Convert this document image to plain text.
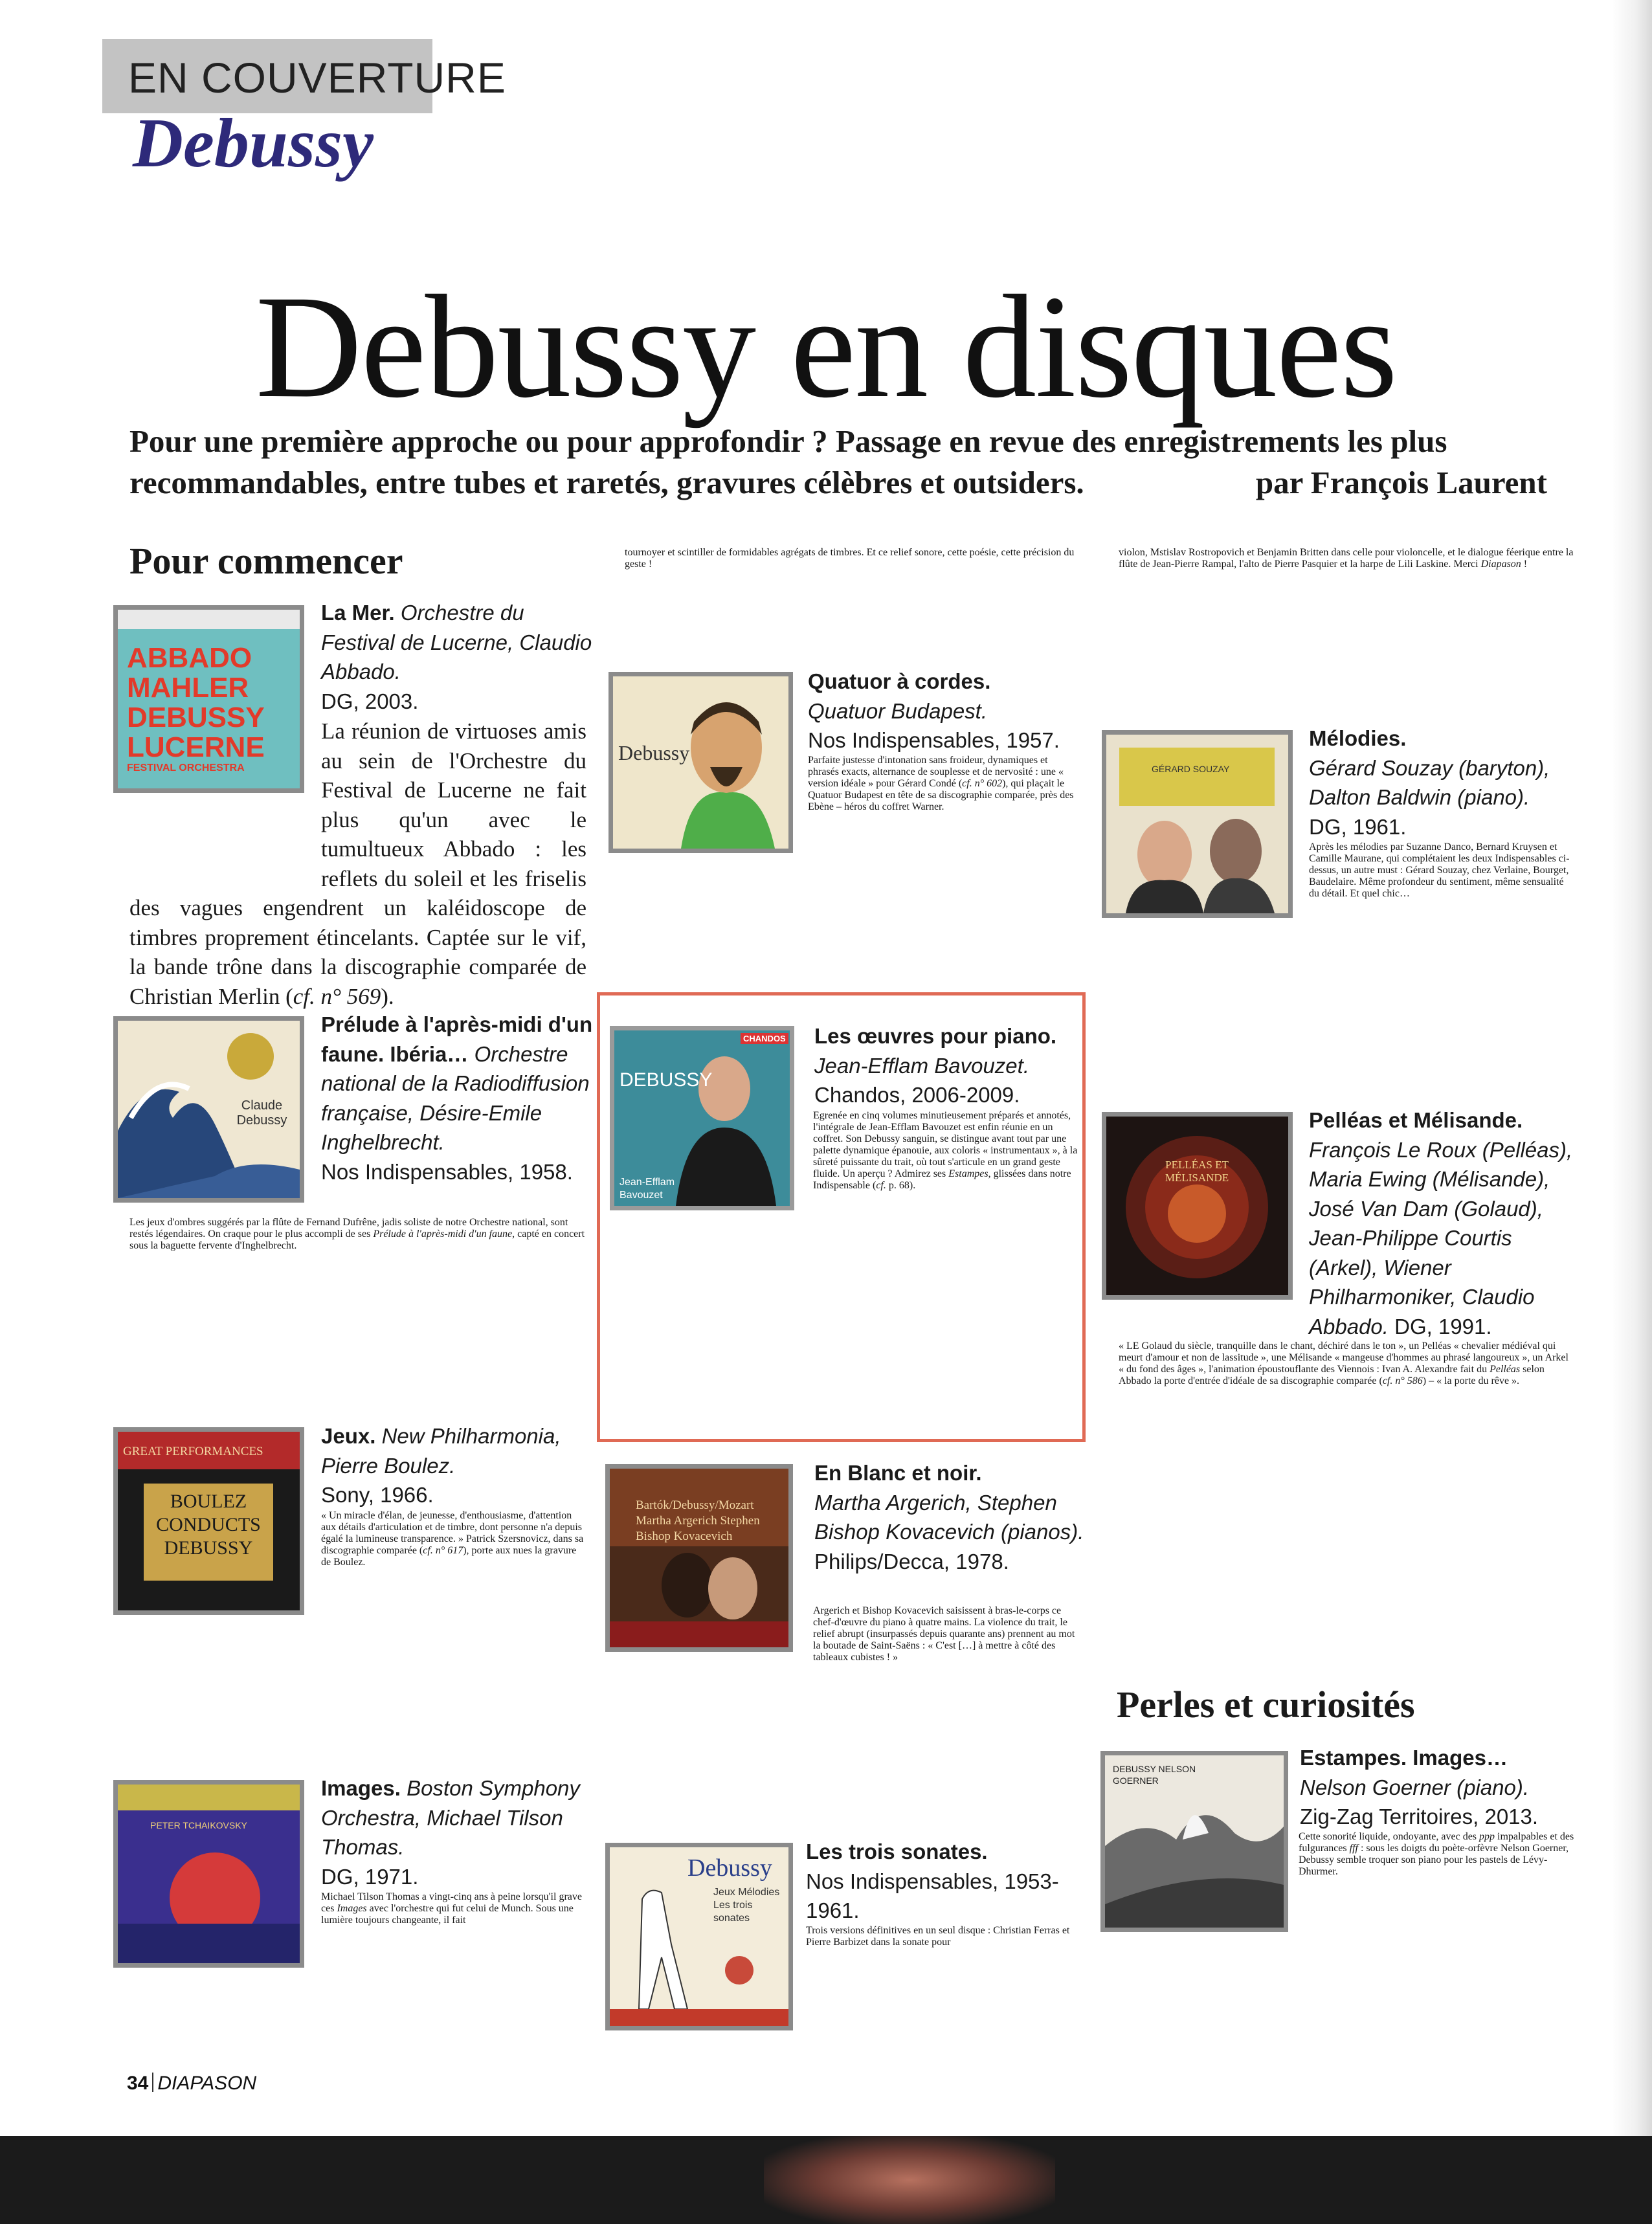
EN COUVERTURE
Debussy
Debussy en disques
Pour une première approche ou pour approfondir ? Passage en revue des enregistrements les plus
recommandables, entre tubes et raretés, gravures célèbres et outsiders.	par François Laurent
Pour commencer
ABBADO MAHLER DEBUSSY LUCERNE
FESTIVAL ORCHESTRA
La Mer. Orchestre du Festival de Lucerne, Claudio Abbado.
DG, 2003.
La réunion de virtuoses amis au sein de l'Orchestre du Festival de Lucerne ne fait plus qu'un avec le tumultueux Abbado : les reflets du soleil et les friselis des vagues engendrent un kaléidoscope de timbres proprement étincelants. Captée sur le vif, la bande trône dans la discographie comparée de Christian Merlin (cf. n° 569).
Claude Debussy
Prélude à l'après-midi d'un faune. Ibéria… Orchestre national de la Radiodiffusion française, Désire-Emile Inghelbrecht.
Nos Indispensables, 1958.
Les jeux d'ombres suggérés par la flûte de Fernand Dufrêne, jadis soliste de notre Orchestre national, sont restés légendaires. On craque pour le plus accompli de ses Prélude à l'après-midi d'un faune, capté en concert sous la baguette fervente d'Inghelbrecht.
GREAT PERFORMANCES
BOULEZ CONDUCTS DEBUSSY
Jeux. New Philharmonia, Pierre Boulez.
Sony, 1966.
« Un miracle d'élan, de jeunesse, d'enthousiasme, d'attention aux détails d'articulation et de timbre, dont personne n'a depuis égalé la lumineuse transparence. » Patrick Szersnovicz, dans sa discographie comparée (cf. n° 617), porte aux nues la gravure de Boulez.
PETER TCHAIKOVSKY
Images. Boston Symphony Orchestra, Michael Tilson Thomas.
DG, 1971.
Michael Tilson Thomas a vingt-cinq ans à peine lorsqu'il grave ces Images avec l'orchestre qui fut celui de Munch. Sous une lumière toujours changeante, il fait
tournoyer et scintiller de formidables agrégats de timbres. Et ce relief sonore, cette poésie, cette précision du geste !
Debussy
Quatuor à cordes.
Quatuor Budapest.
Nos Indispensables, 1957.
Parfaite justesse d'intonation sans froideur, dynamiques et phrasés exacts, alternance de souplesse et de nervosité : une « version idéale » pour Gérard Condé (cf. n° 602), qui plaçait le Quatuor Budapest en tête de sa discographie comparée, près des Ebène – héros du coffret Warner.
CHANDOS
DEBUSSY
Jean-Efflam Bavouzet
Les œuvres pour piano.
Jean-Efflam Bavouzet.
Chandos, 2006-2009.
Egrenée en cinq volumes minutieusement préparés et annotés, l'intégrale de Jean-Efflam Bavouzet est enfin réunie en un coffret. Son Debussy sanguin, se distingue avant tout par une palette dynamique épanouie, aux coloris « instrumentaux », à la sûreté puissante du trait, où tout s'articule en un grand geste fluide. Un aperçu ? Admirez ses Estampes, glissées dans notre Indispensable (cf. p. 68).
Bartók/Debussy/Mozart Martha Argerich Stephen Bishop Kovacevich
En Blanc et noir.
Martha Argerich, Stephen Bishop Kovacevich (pianos).
Philips/Decca, 1978.
Argerich et Bishop Kovacevich saisissent à bras-le-corps ce chef-d'œuvre du piano à quatre mains. La violence du trait, le relief abrupt (insurpassés depuis quarante ans) prennent au mot la boutade de Saint-Saëns : « C'est […] à mettre à côté des tableaux cubistes ! »
Debussy
Jeux Mélodies Les trois sonates
Les trois sonates.
Nos Indispensables, 1953-1961.
Trois versions définitives en un seul disque : Christian Ferras et Pierre Barbizet dans la sonate pour
violon, Mstislav Rostropovich et Benjamin Britten dans celle pour violoncelle, et le dialogue féerique entre la flûte de Jean-Pierre Rampal, l'alto de Pierre Pasquier et la harpe de Lili Laskine. Merci Diapason !
GÉRARD SOUZAY
Mélodies.
Gérard Souzay (baryton), Dalton Baldwin (piano).
DG, 1961.
Après les mélodies par Suzanne Danco, Bernard Kruysen et Camille Maurane, qui complétaient les deux Indispensables ci-dessus, un autre must : Gérard Souzay, chez Verlaine, Bourget, Baudelaire. Même profondeur du sentiment, même sensualité du détail. Et quel chic…
PELLÉAS ET MÉLISANDE
Pelléas et Mélisande.
François Le Roux (Pelléas), Maria Ewing (Mélisande), José Van Dam (Golaud), Jean-Philippe Courtis (Arkel), Wiener Philharmoniker, Claudio Abbado. DG, 1991.
« LE Golaud du siècle, tranquille dans le chant, déchiré dans le ton », un Pelléas « chevalier médiéval qui meurt d'amour et non de lassitude », une Mélisande « mangeuse d'hommes au phrasé langoureux », un Arkel « du fond des âges », l'animation époustouflante des Viennois : Ivan A. Alexandre fait du Pelléas selon Abbado la porte d'entrée d'idéale de sa discographie comparée (cf. n° 586) – « la porte du rêve ».
Perles et curiosités
DEBUSSY NELSON GOERNER
Estampes. Images…
Nelson Goerner (piano).
Zig-Zag Territoires, 2013.
Cette sonorité liquide, ondoyante, avec des ppp impalpables et des fulgurances fff : sous les doigts du poète-orfèvre Nelson Goerner, Debussy semble troquer son piano pour les pastels de Lévy-Dhurmer.
34 DIAPASON
